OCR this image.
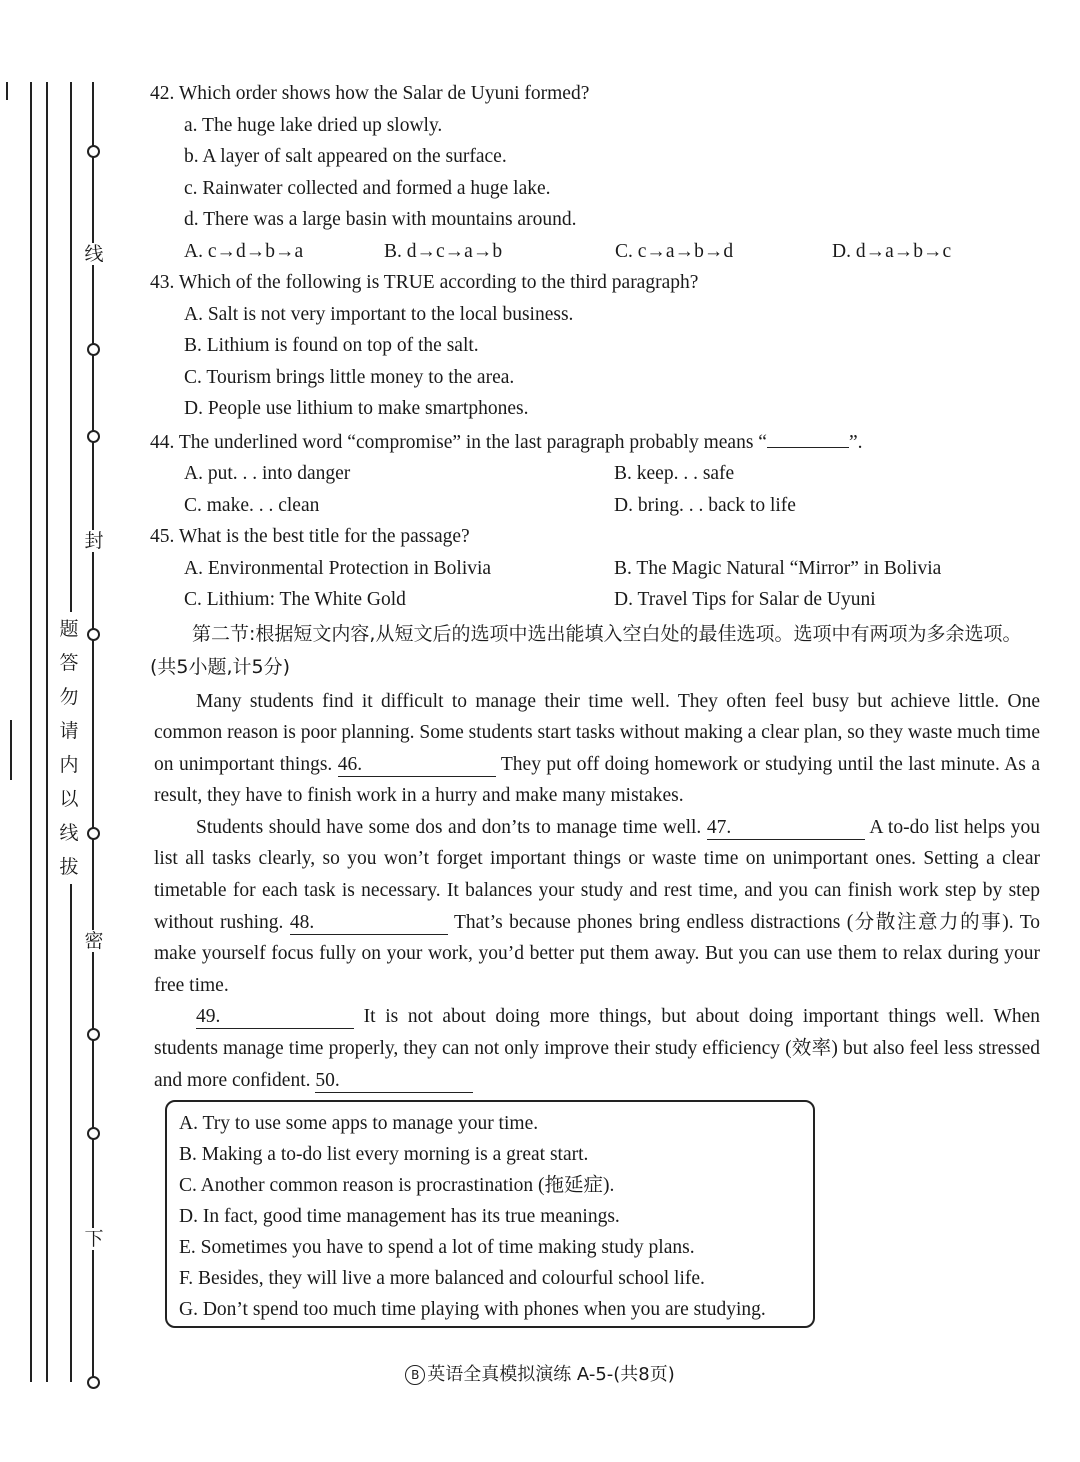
线
封
密
下
题
答
勿
请
内
以
线
拔
42. Which order shows how the Salar de Uyuni formed?
a. The huge lake dried up slowly.
b. A layer of salt appeared on the surface.
c. Rainwater collected and formed a huge lake.
d. There was a large basin with mountains around.
A. c→d→b→a	B. d→c→a→b	C. c→a→b→d	D. d→a→b→c
43. Which of the following is TRUE according to the third paragraph?
A. Salt is not very important to the local business.
B. Lithium is found on top of the salt.
C. Tourism brings little money to the area.
D. People use lithium to make smartphones.
44. The underlined word “compromise” in the last paragraph probably means “	”.
A. put. . . into danger	B. keep. . . safe
C. make. . . clean	D. bring. . . back to life
45. What is the best title for the passage?
A. Environmental Protection in Bolivia	B. The Magic Natural “Mirror” in Bolivia
C. Lithium: The White Gold	D. Travel Tips for Salar de Uyuni
第二节:根据短文内容,从短文后的选项中选出能填入空白处的最佳选项。选项中有两项为多余选项。(共5小题,计5分)

Many students find it difficult to manage their time well. They often feel busy but achieve little. One common reason is poor planning. Some students start tasks without making a clear plan, so they waste much time on unimportant things. 46.	They put off doing homework or studying until the last minute. As a result, they have to finish work in a hurry and make many mistakes.

Students should have some dos and don’ts to manage time well. 47.	A to-do list helps you list all tasks clearly, so you won’t forget important things or waste time on unimportant ones. Setting a clear timetable for each task is necessary. It balances your study and rest time, and you can finish work step by step without rushing. 48.	That’s because phones bring endless distractions (分散注意力的事). To make yourself focus fully on your work, you’d better put them away. But you can use them to relax during your free time.

49.	It is not about doing more things, but about doing important things well. When students manage time properly, they can not only improve their study efficiency (效率) but also feel less stressed and more confident. 50.

A. Try to use some apps to manage your time.
B. Making a to-do list every morning is a great start.
C. Another common reason is procrastination (拖延症).
D. In fact, good time management has its true meanings.
E. Sometimes you have to spend a lot of time making study plans.
F. Besides, they will live a more balanced and colourful school life.
G. Don’t spend too much time playing with phones when you are studying.
B 英语全真模拟演练 A-5-(共8页)
